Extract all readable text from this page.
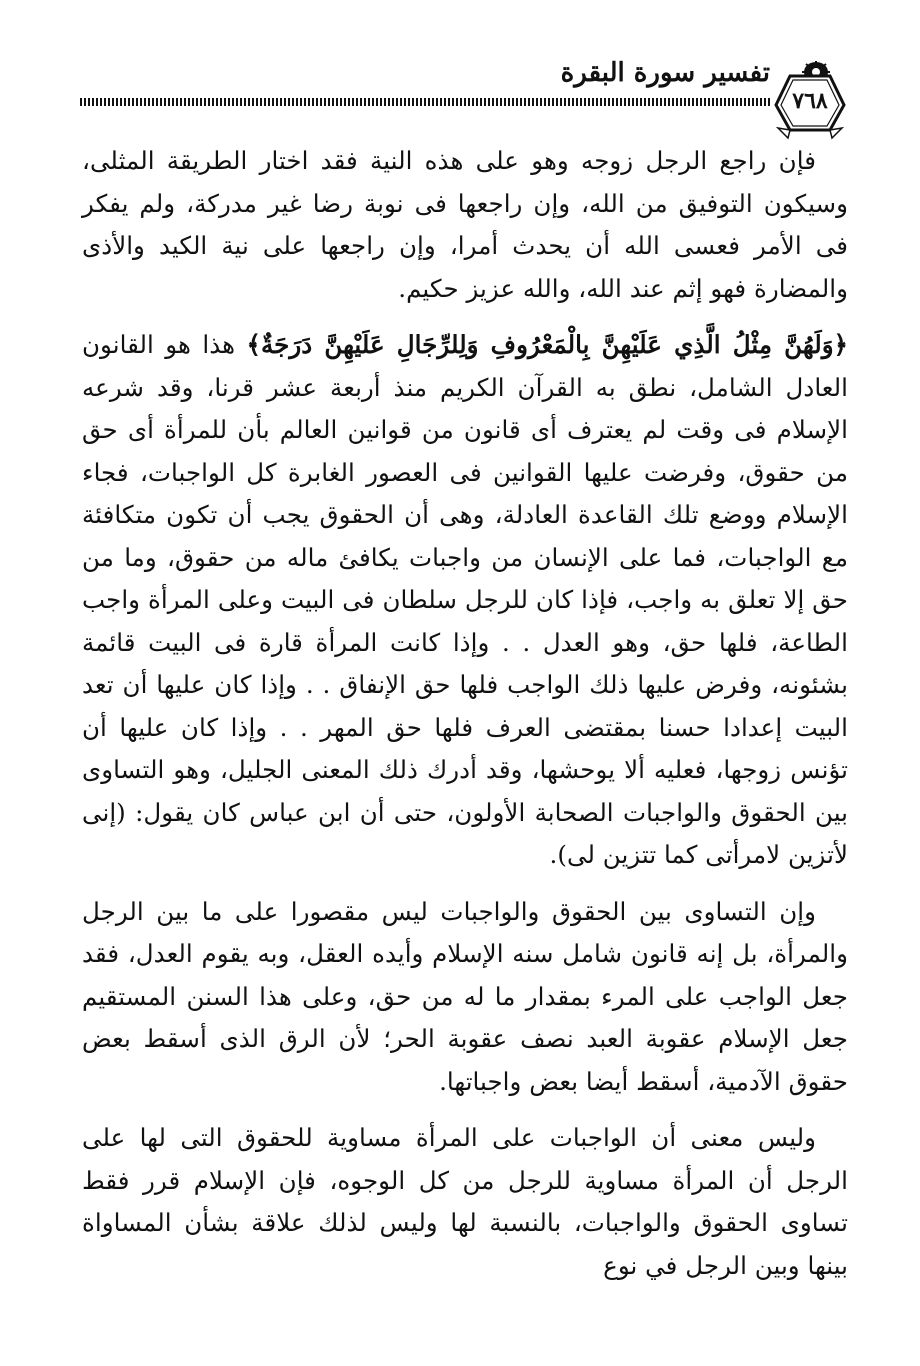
تفسير سورة البقرة
٧٦٨

فإن راجع الرجل زوجه وهو على هذه النية فقد اختار الطريقة المثلى، وسيكون التوفيق من الله، وإن راجعها فى نوبة رضا غير مدركة، ولم يفكر فى الأمر فعسى الله أن يحدث أمرا، وإن راجعها على نية الكيد والأذى والمضارة فهو إثم عند الله، والله عزيز حكيم.

﴿وَلَهُنَّ مِثْلُ الَّذِي عَلَيْهِنَّ بِالْمَعْرُوفِ وَلِلرِّجَالِ عَلَيْهِنَّ دَرَجَةٌ﴾ هذا هو القانون العادل الشامل، نطق به القرآن الكريم منذ أربعة عشر قرنا، وقد شرعه الإسلام فى وقت لم يعترف أى قانون من قوانين العالم بأن للمرأة أى حق من حقوق، وفرضت عليها القوانين فى العصور الغابرة كل الواجبات، فجاء الإسلام ووضع تلك القاعدة العادلة، وهى أن الحقوق يجب أن تكون متكافئة مع الواجبات، فما على الإنسان من واجبات يكافئ ماله من حقوق، وما من حق إلا تعلق به واجب، فإذا كان للرجل سلطان فى البيت وعلى المرأة واجب الطاعة، فلها حق، وهو العدل . . وإذا كانت المرأة قارة فى البيت قائمة بشئونه، وفرض عليها ذلك الواجب فلها حق الإنفاق . . وإذا كان عليها أن تعد البيت إعدادا حسنا بمقتضى العرف فلها حق المهر . . وإذا كان عليها أن تؤنس زوجها، فعليه ألا يوحشها، وقد أدرك ذلك المعنى الجليل، وهو التساوى بين الحقوق والواجبات الصحابة الأولون، حتى أن ابن عباس كان يقول: (إنى لأتزين لامرأتى كما تتزين لى).

وإن التساوى بين الحقوق والواجبات ليس مقصورا على ما بين الرجل والمرأة، بل إنه قانون شامل سنه الإسلام وأيده العقل، وبه يقوم العدل، فقد جعل الواجب على المرء بمقدار ما له من حق، وعلى هذا السنن المستقيم جعل الإسلام عقوبة العبد نصف عقوبة الحر؛ لأن الرق الذى أسقط بعض حقوق الآدمية، أسقط أيضا بعض واجباتها.

وليس معنى أن الواجبات على المرأة مساوية للحقوق التى لها على الرجل أن المرأة مساوية للرجل من كل الوجوه، فإن الإسلام قرر فقط تساوى الحقوق والواجبات، بالنسبة لها وليس لذلك علاقة بشأن المساواة بينها وبين الرجل في نوع
